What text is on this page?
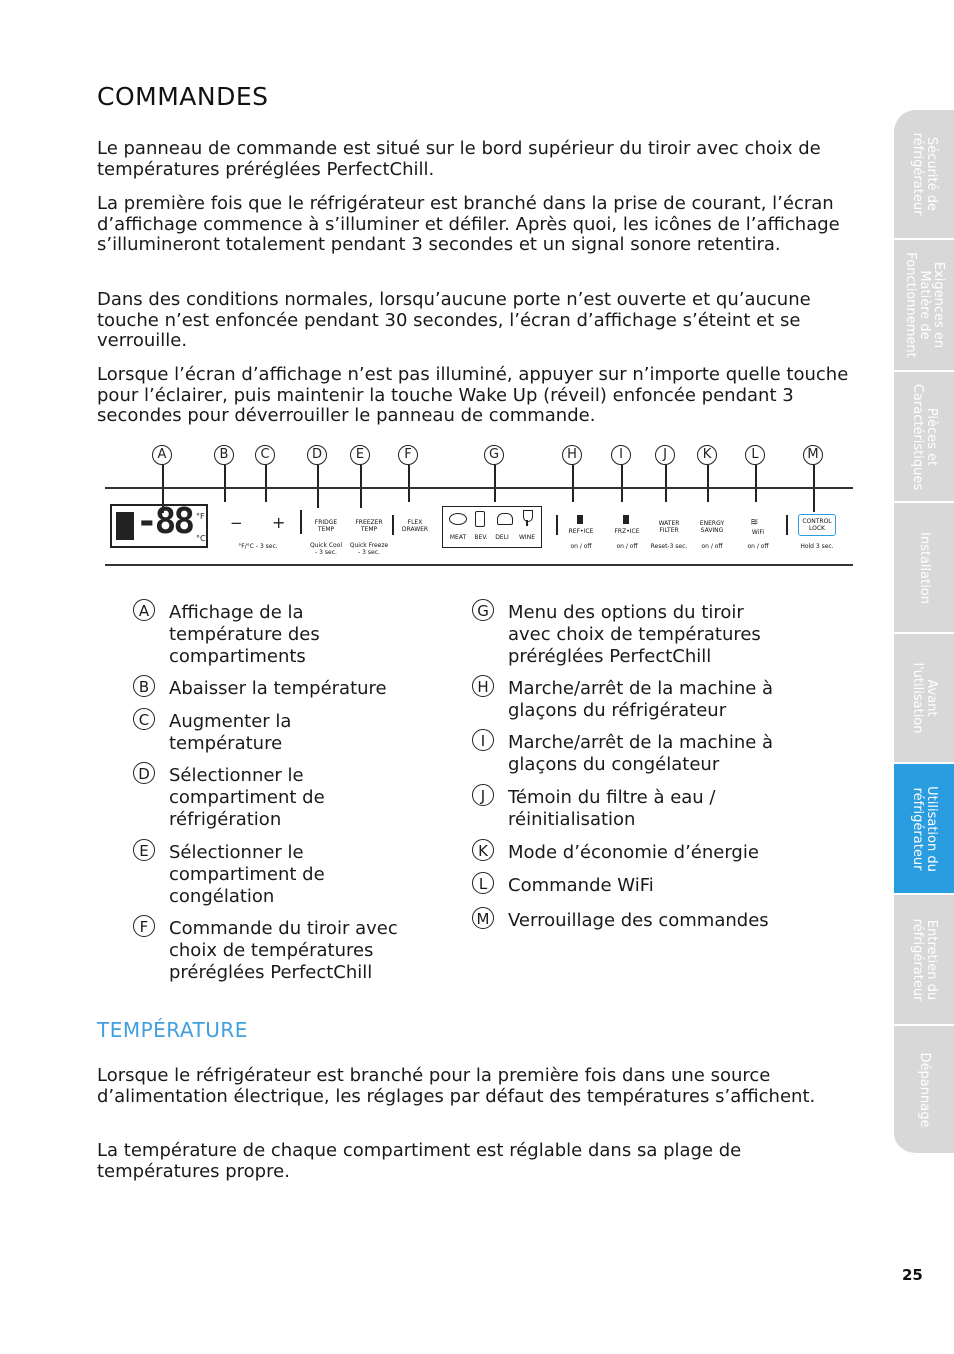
COMMANDES

Le panneau de commande est situé sur le bord supérieur du tiroir avec choix de températures préréglées PerfectChill.

La première fois que le réfrigérateur est branché dans la prise de courant, l’écran d’affichage commence à s’illuminer et défiler. Après quoi, les icônes de l’affichage s’illumineront totalement pendant 3 secondes et un signal sonore retentira.

Dans des conditions normales, lorsqu’aucune porte n’est ouverte et qu’aucune touche n’est enfoncée pendant 30 secondes, l’écran d’affichage s’éteint et se verrouille.

Lorsque l’écran d’affichage n’est pas illuminé, appuyer sur n’importe quelle touche pour l’éclairer, puis maintenir la touche Wake Up (réveil) enfoncée pendant 3 secondes pour déverrouiller le panneau de commande.

A	B	C	D	E	F	G	H	I	J	K	L	M
-88 °F
°C
− +
°F/°C - 3 sec.
FRIDGE
TEMP
Quick Cool
- 3 sec.
FREEZER
TEMP
Quick Freeze
- 3 sec.
FLEX
DRAWER
MEAT	BEV.	DELI	WINE
REF•ICE	FRZ•ICE
WATER
FILTER
ENERGY
SAVING
≋
WiFi
CONTROL
LOCK
on / off	on / off	Reset-3 sec.	on / off	on / off	Hold 3 sec.
A	Affichage de la
température des
compartiments
B	Abaisser la température
C	Augmenter la
température
D Sélectionner le
compartiment de
réfrigération
E	Sélectionner le
compartiment de
congélation
F	Commande du tiroir avec
choix de températures
préréglées PerfectChill
G Menu des options du tiroir
avec choix de températures
préréglées PerfectChill
H Marche/arrêt de la machine à
glaçons du réfrigérateur
I	Marche/arrêt de la machine à
glaçons du congélateur
J	Témoin du filtre à eau /
réinitialisation
K	Mode d’économie d’énergie
L	Commande WiFi
M Verrouillage des commandes
TEMPÉRATURE

Lorsque le réfrigérateur est branché pour la première fois dans une source d’alimentation électrique, les réglages par défaut des températures s’affichent.

La température de chaque compartiment est réglable dans sa plage de températures propre.

Sécurité de
réfrigérateur
Exigences en
Matière de
Fonctionnement
Pièces et
Caractéristiques
Installation
Avant
l'utilisation
Utilisation du
réfrigérateur
Entretien du
réfrigérateur
Dépannage
25
